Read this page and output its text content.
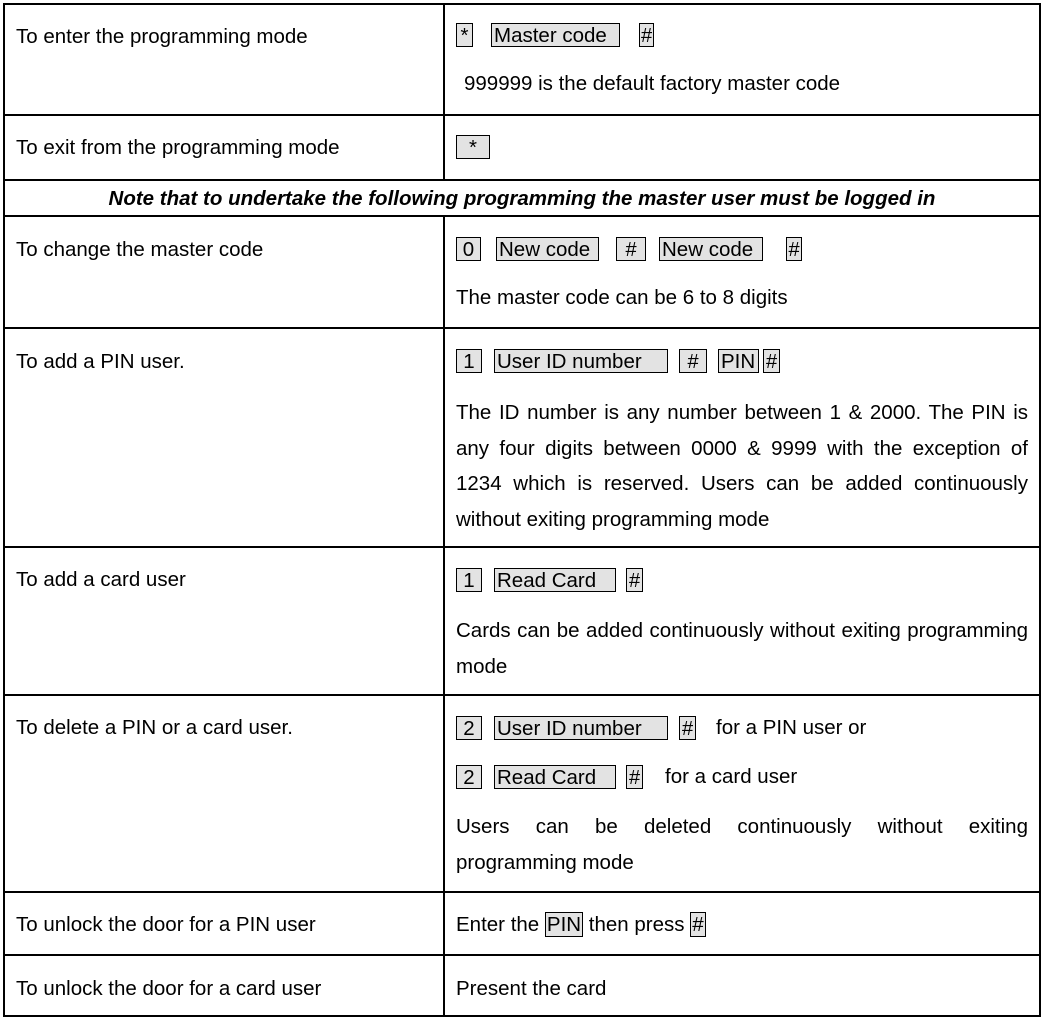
To enter the programming mode	* Master code	#
999999 is the default factory master code
To exit from the programming mode	*
Note that to undertake the following programming the master user must be logged in
To change the master code	0	New code	#	New code	#
The master code can be 6 to 8 digits
To add a PIN user.	1	User ID number	#	PIN #
The ID number is any number between 1 & 2000. The PIN is any four digits between 0000 & 9999 with the exception of 1234 which is reserved. Users can be added continuously without exiting programming mode
To add a card user	1	Read Card	#
Cards can be added continuously without exiting programming mode
To delete a PIN or a card user.	2	User ID number	# for a PIN user or
2	Read Card	# for a card user
Users can be deleted continuously without exiting programming mode
To unlock the door for a PIN user	Enter the PIN then press #
To unlock the door for a card user	Present the card
